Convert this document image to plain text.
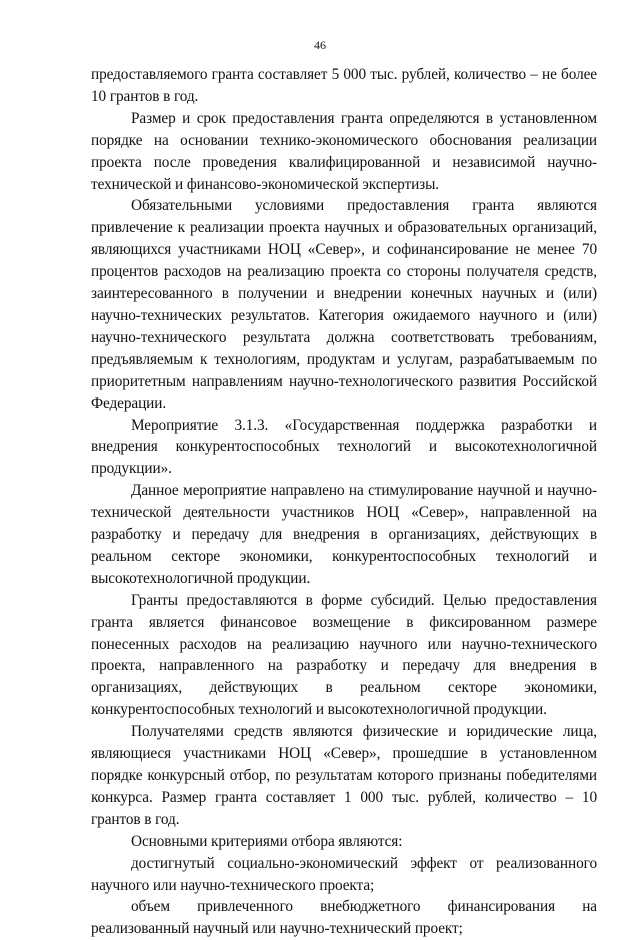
46

предоставляемого гранта составляет 5 000 тыс. рублей, количество – не более 10 грантов в год.

Размер и срок предоставления гранта определяются в установленном порядке на основании технико-экономического обоснования реализации проекта после проведения квалифицированной и независимой научно-технической и финансово-экономической экспертизы.

Обязательными условиями предоставления гранта являются привлечение к реализации проекта научных и образовательных организаций, являющихся участниками НОЦ «Север», и софинансирование не менее 70 процентов расходов на реализацию проекта со стороны получателя средств, заинтересованного в получении и внедрении конечных научных и (или) научно-технических результатов. Категория ожидаемого научного и (или) научно-технического результата должна соответствовать требованиям, предъявляемым к технологиям, продуктам и услугам, разрабатываемым по приоритетным направлениям научно-технологического развития Российской Федерации.

Мероприятие 3.1.3. «Государственная поддержка разработки и внедрения конкурентоспособных технологий и высокотехнологичной продукции».

Данное мероприятие направлено на стимулирование научной и научно-технической деятельности участников НОЦ «Север», направленной на разработку и передачу для внедрения в организациях, действующих в реальном секторе экономики, конкурентоспособных технологий и высокотехнологичной продукции.

Гранты предоставляются в форме субсидий. Целью предоставления гранта является финансовое возмещение в фиксированном размере понесенных расходов на реализацию научного или научно-технического проекта, направленного на разработку и передачу для внедрения в организациях, действующих в реальном секторе экономики, конкурентоспособных технологий и высокотехнологичной продукции.

Получателями средств являются физические и юридические лица, являющиеся участниками НОЦ «Север», прошедшие в установленном порядке конкурсный отбор, по результатам которого признаны победителями конкурса. Размер гранта составляет 1 000 тыс. рублей, количество – 10 грантов в год.

Основными критериями отбора являются:

достигнутый социально-экономический эффект от реализованного научного или научно-технического проекта;

объем привлеченного внебюджетного финансирования на реализованный научный или научно-технический проект;
